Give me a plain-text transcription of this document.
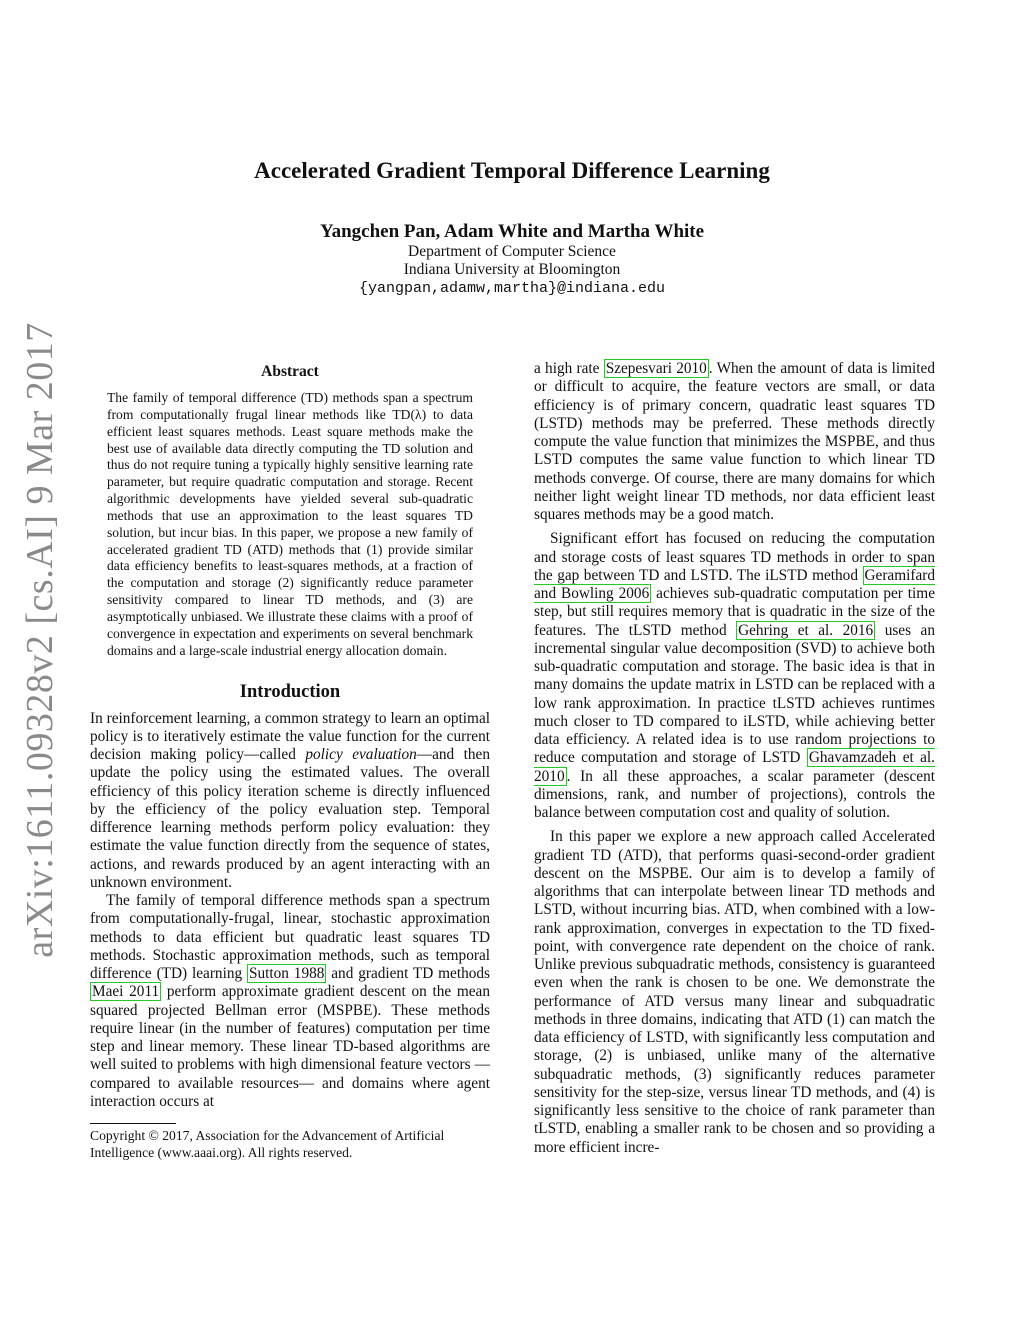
arXiv:1611.09328v2 [cs.AI] 9 Mar 2017
Accelerated Gradient Temporal Difference Learning
Yangchen Pan, Adam White and Martha White
Department of Computer Science
Indiana University at Bloomington
{yangpan,adamw,martha}@indiana.edu
Abstract
The family of temporal difference (TD) methods span a spectrum from computationally frugal linear methods like TD(λ) to data efficient least squares methods. Least square methods make the best use of available data directly computing the TD solution and thus do not require tuning a typically highly sensitive learning rate parameter, but require quadratic computation and storage. Recent algorithmic developments have yielded several sub-quadratic methods that use an approximation to the least squares TD solution, but incur bias. In this paper, we propose a new family of accelerated gradient TD (ATD) methods that (1) provide similar data efficiency benefits to least-squares methods, at a fraction of the computation and storage (2) significantly reduce parameter sensitivity compared to linear TD methods, and (3) are asymptotically unbiased. We illustrate these claims with a proof of convergence in expectation and experiments on several benchmark domains and a large-scale industrial energy allocation domain.
Introduction

In reinforcement learning, a common strategy to learn an optimal policy is to iteratively estimate the value function for the current decision making policy—called policy evaluation—and then update the policy using the estimated values. The overall efficiency of this policy iteration scheme is directly influenced by the efficiency of the policy evaluation step. Temporal difference learning methods perform policy evaluation: they estimate the value function directly from the sequence of states, actions, and rewards produced by an agent interacting with an unknown environment.

The family of temporal difference methods span a spectrum from computationally-frugal, linear, stochastic approximation methods to data efficient but quadratic least squares TD methods. Stochastic approximation methods, such as temporal difference (TD) learning Sutton 1988 and gradient TD methods Maei 2011 perform approximate gradient descent on the mean squared projected Bellman error (MSPBE). These methods require linear (in the number of features) computation per time step and linear memory. These linear TD-based algorithms are well suited to problems with high dimensional feature vectors —compared to available resources— and domains where agent interaction occurs at

Copyright © 2017, Association for the Advancement of Artificial Intelligence (www.aaai.org). All rights reserved.

a high rate Szepesvari 2010 . When the amount of data is limited or difficult to acquire, the feature vectors are small, or data efficiency is of primary concern, quadratic least squares TD (LSTD) methods may be preferred. These methods directly compute the value function that minimizes the MSPBE, and thus LSTD computes the same value function to which linear TD methods converge. Of course, there are many domains for which neither light weight linear TD methods, nor data efficient least squares methods may be a good match.

Significant effort has focused on reducing the computation and storage costs of least squares TD methods in order to span the gap between TD and LSTD. The iLSTD method Geramifard and Bowling 2006 achieves sub-quadratic computation per time step, but still requires memory that is quadratic in the size of the features. The tLSTD method Gehring et al. 2016 uses an incremental singular value decomposition (SVD) to achieve both sub-quadratic computation and storage. The basic idea is that in many domains the update matrix in LSTD can be replaced with a low rank approximation. In practice tLSTD achieves runtimes much closer to TD compared to iLSTD, while achieving better data efficiency. A related idea is to use random projections to reduce computation and storage of LSTD Ghavamzadeh et al. 2010 . In all these approaches, a scalar parameter (descent dimensions, rank, and number of projections), controls the balance between computation cost and quality of solution.

In this paper we explore a new approach called Accelerated gradient TD (ATD), that performs quasi-second-order gradient descent on the MSPBE. Our aim is to develop a family of algorithms that can interpolate between linear TD methods and LSTD, without incurring bias. ATD, when combined with a low-rank approximation, converges in expectation to the TD fixed-point, with convergence rate dependent on the choice of rank. Unlike previous subquadratic methods, consistency is guaranteed even when the rank is chosen to be one. We demonstrate the performance of ATD versus many linear and subquadratic methods in three domains, indicating that ATD (1) can match the data efficiency of LSTD, with significantly less computation and storage, (2) is unbiased, unlike many of the alternative subquadratic methods, (3) significantly reduces parameter sensitivity for the step-size, versus linear TD methods, and (4) is significantly less sensitive to the choice of rank parameter than tLSTD, enabling a smaller rank to be chosen and so providing a more efficient incre-
